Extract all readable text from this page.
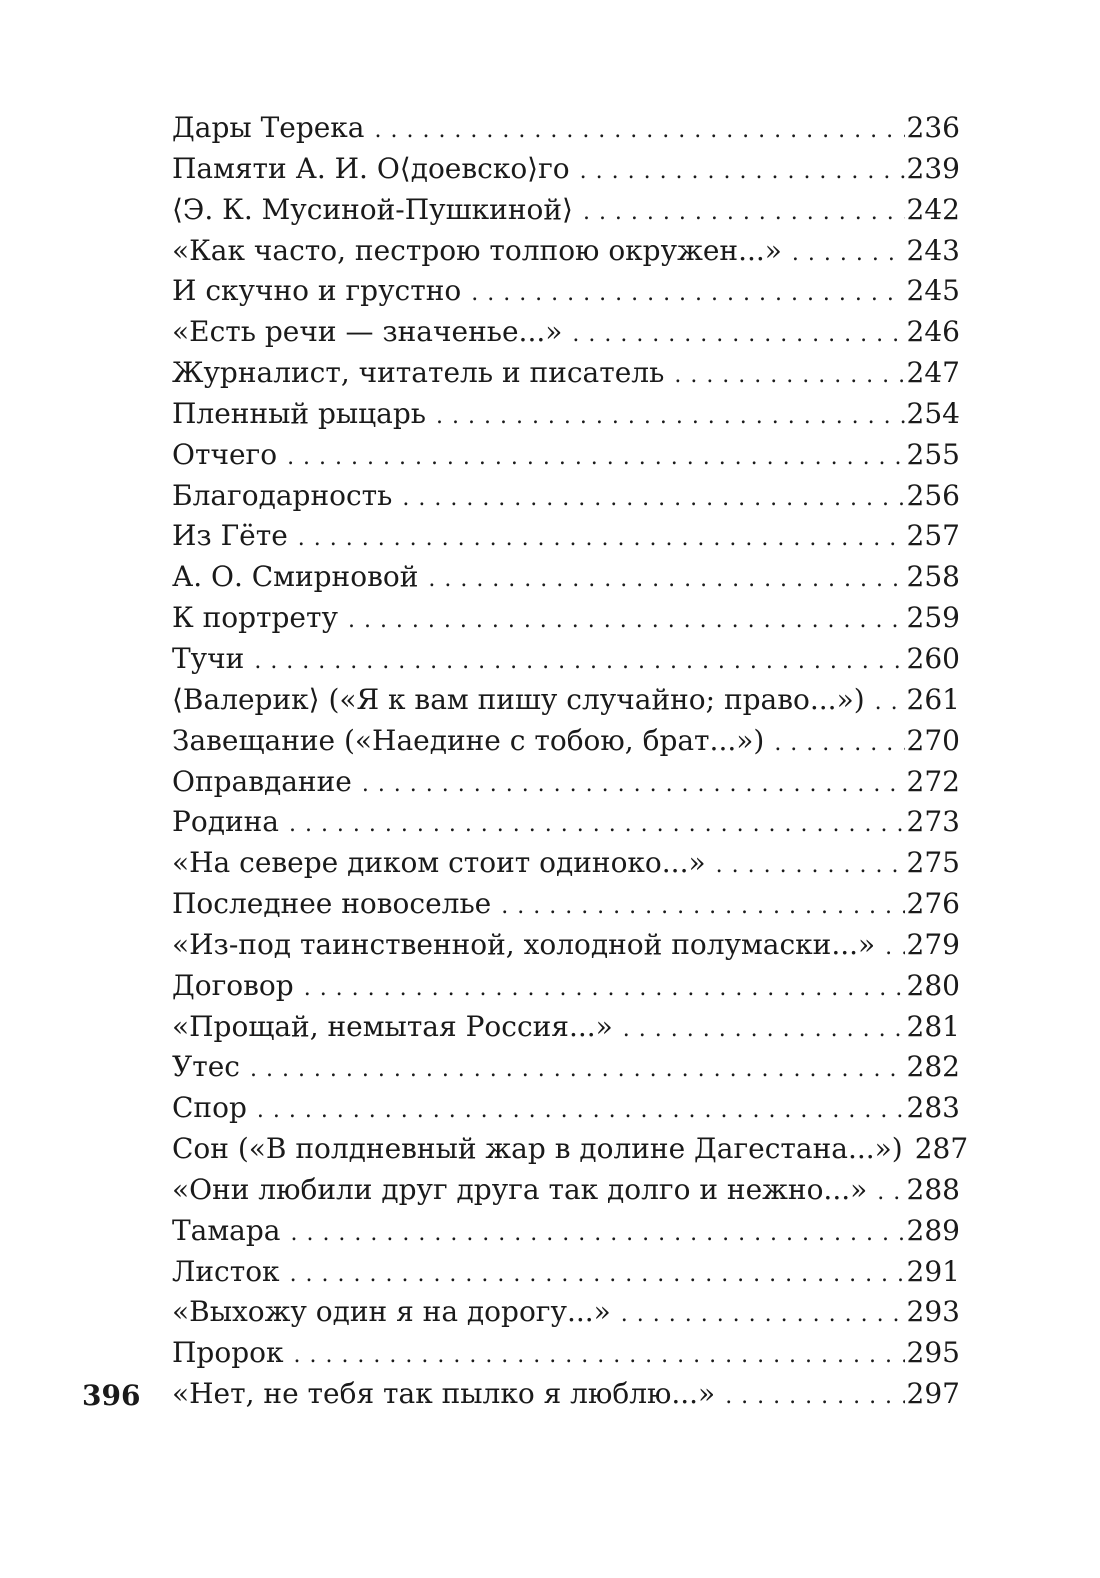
Дары Терека . . .	236
Памяти А. И. О⟨доевско⟩го . . .	239
⟨Э. К. Мусиной-Пушкиной⟩ . . .	242
«Как часто, пестрою толпою окружен...» . . .	243
И скучно и грустно . . .	245
«Есть речи — значенье...» . . .	246
Журналист, читатель и писатель . . .	247
Пленный рыцарь . . .	254
Отчего . . .	255
Благодарность . . .	256
Из Гёте . . .	257
А. О. Смирновой . . .	258
К портрету . . .	259
Тучи . . .	260
⟨Валерик⟩ («Я к вам пишу случайно; право...») . . . 261
Завещание («Наедине с тобою, брат...») . . .	270
Оправдание . . .	272
Родина . . .	273
«На севере диком стоит одиноко...» . . .	275
Последнее новоселье . . .	276
«Из-под таинственной, холодной полумаски...» . . . 279
Договор . . .	280
«Прощай, немытая Россия...» . . .	281
Утес . . .	282
Спор . . .	283
Сон («В полдневный жар в долине Дагестана...») 287
«Они любили друг друга так долго и нежно...» . . . 288
Тамара . . .	289
Листок . . .	291
«Выхожу один я на дорогу...» . . .	293
Пророк . . .	295
«Нет, не тебя так пылко я люблю...» . . .	297
396
